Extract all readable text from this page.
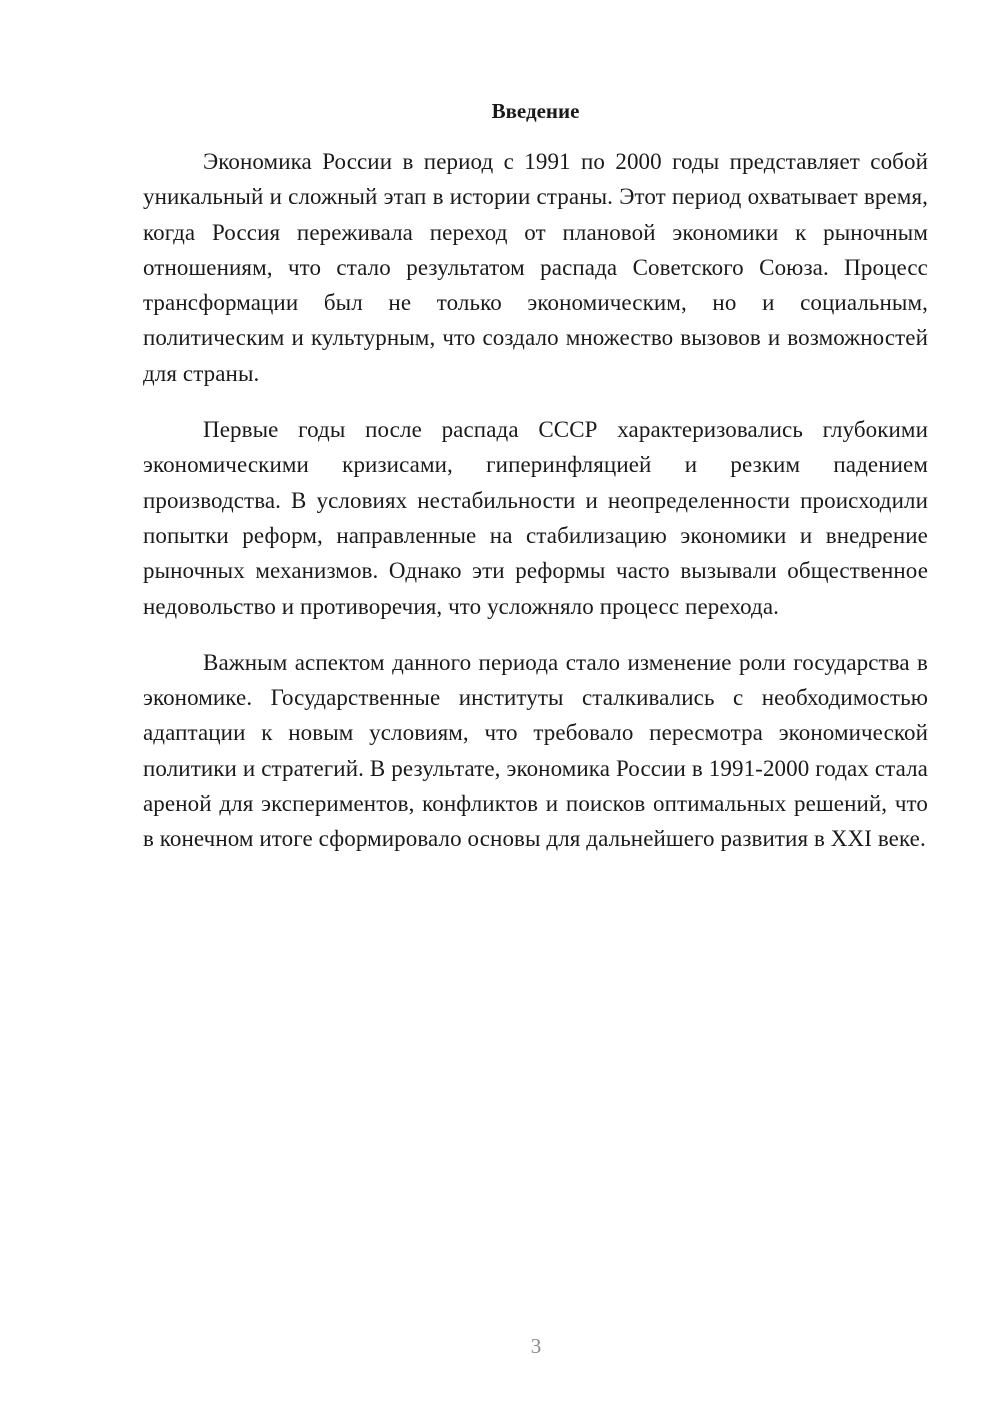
Введение

Экономика России в период с 1991 по 2000 годы представляет собой уникальный и сложный этап в истории страны. Этот период охватывает время, когда Россия переживала переход от плановой экономики к рыночным отношениям, что стало результатом распада Советского Союза. Процесс трансформации был не только экономическим, но и социальным, политическим и культурным, что создало множество вызовов и возможностей для страны.

Первые годы после распада СССР характеризовались глубокими экономическими кризисами, гиперинфляцией и резким падением производства. В условиях нестабильности и неопределенности происходили попытки реформ, направленные на стабилизацию экономики и внедрение рыночных механизмов. Однако эти реформы часто вызывали общественное недовольство и противоречия, что усложняло процесс перехода.

Важным аспектом данного периода стало изменение роли государства в экономике. Государственные институты сталкивались с необходимостью адаптации к новым условиям, что требовало пересмотра экономической политики и стратегий. В результате, экономика России в 1991-2000 годах стала ареной для экспериментов, конфликтов и поисков оптимальных решений, что в конечном итоге сформировало основы для дальнейшего развития в XXI веке.

3
